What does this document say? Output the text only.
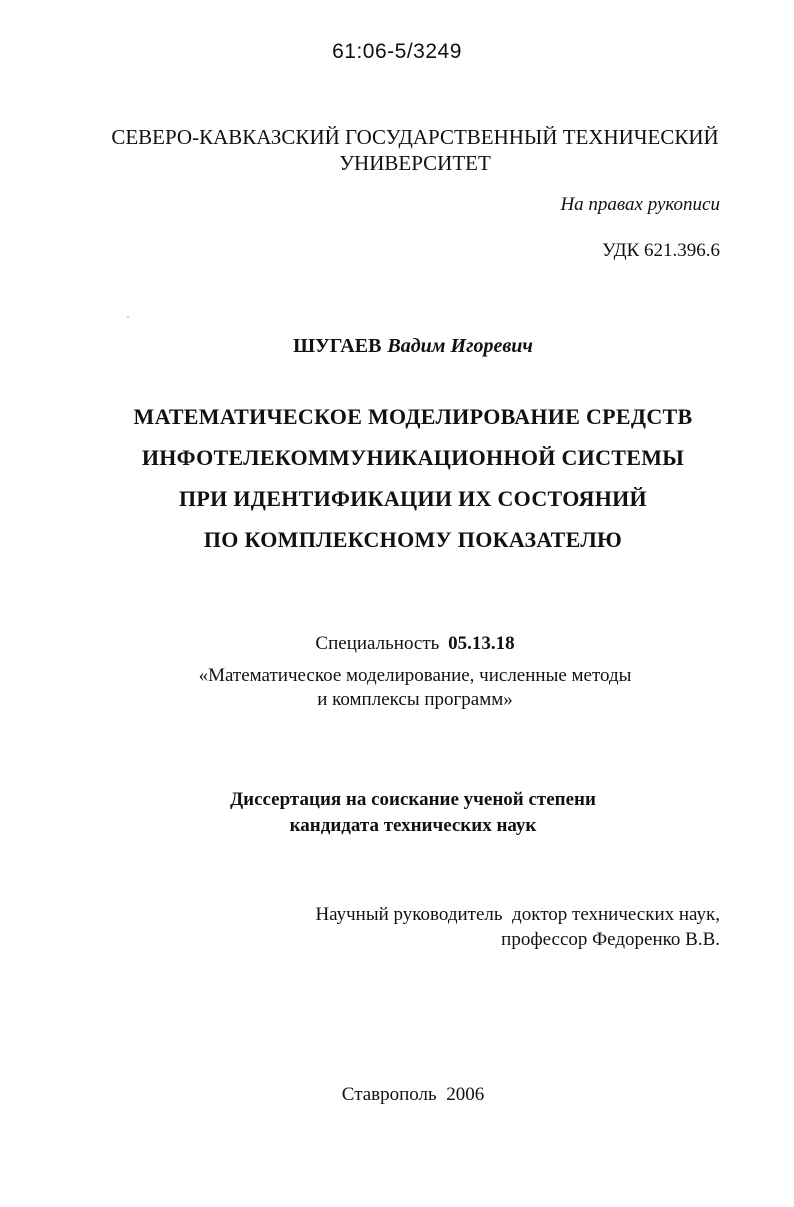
61:06-5/3249
СЕВЕРО-КАВКАЗСКИЙ ГОСУДАРСТВЕННЫЙ ТЕХНИЧЕСКИЙ
УНИВЕРСИТЕТ
На правах рукописи
УДК 621.396.6
ШУГАЕВ Вадим Игоревич
МАТЕМАТИЧЕСКОЕ МОДЕЛИРОВАНИЕ СРЕДСТВ
ИНФОТЕЛЕКОММУНИКАЦИОННОЙ СИСТЕМЫ
ПРИ ИДЕНТИФИКАЦИИ ИХ СОСТОЯНИЙ
ПО КОМПЛЕКСНОМУ ПОКАЗАТЕЛЮ
Специальность 05.13.18
«Математическое моделирование, численные методы
и комплексы программ»
Диссертация на соискание ученой степени
кандидата технических наук
Научный руководитель  доктор технических наук,
профессор Федоренко В.В.
Ставрополь  2006
